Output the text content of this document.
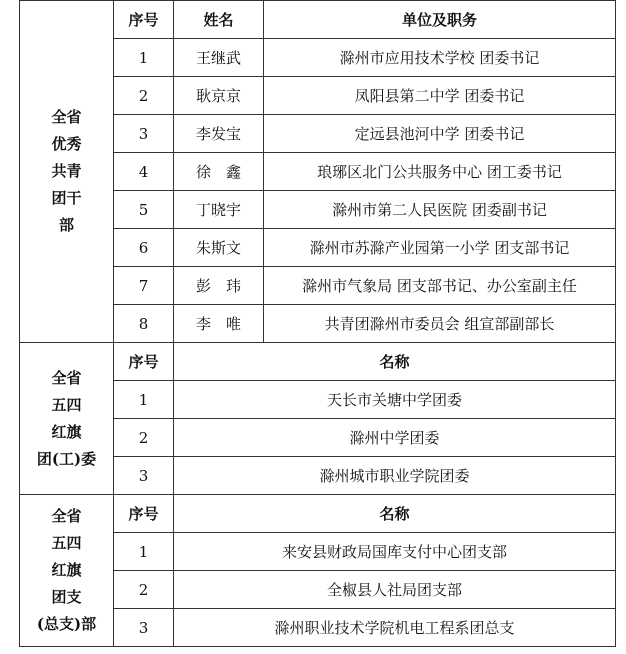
全省
优秀
共青
团干
部	序号	姓名	单位及职务
	1	王继武	滁州市应用技术学校 团委书记
	2	耿京京	凤阳县第二中学 团委书记
	3	李发宝	定远县池河中学 团委书记
	4	徐　鑫	琅琊区北门公共服务中心 团工委书记
	5	丁晓宇	滁州市第二人民医院 团委副书记
	6	朱斯文	滁州市苏滁产业园第一小学 团支部书记
	7	彭　玮	滁州市气象局 团支部书记、办公室副主任
	8	李　唯	共青团滁州市委员会 组宣部副部长

全省
五四
红旗
团(工)委	序号	名称	
	1	天长市关塘中学团委	
	2	滁州中学团委	
	3	滁州城市职业学院团委	

全省
五四
红旗
团支
(总支)部	序号	名称	
	1	来安县财政局国库支付中心团支部	
	2	全椒县人社局团支部	
	3	滁州职业技术学院机电工程系团总支	
